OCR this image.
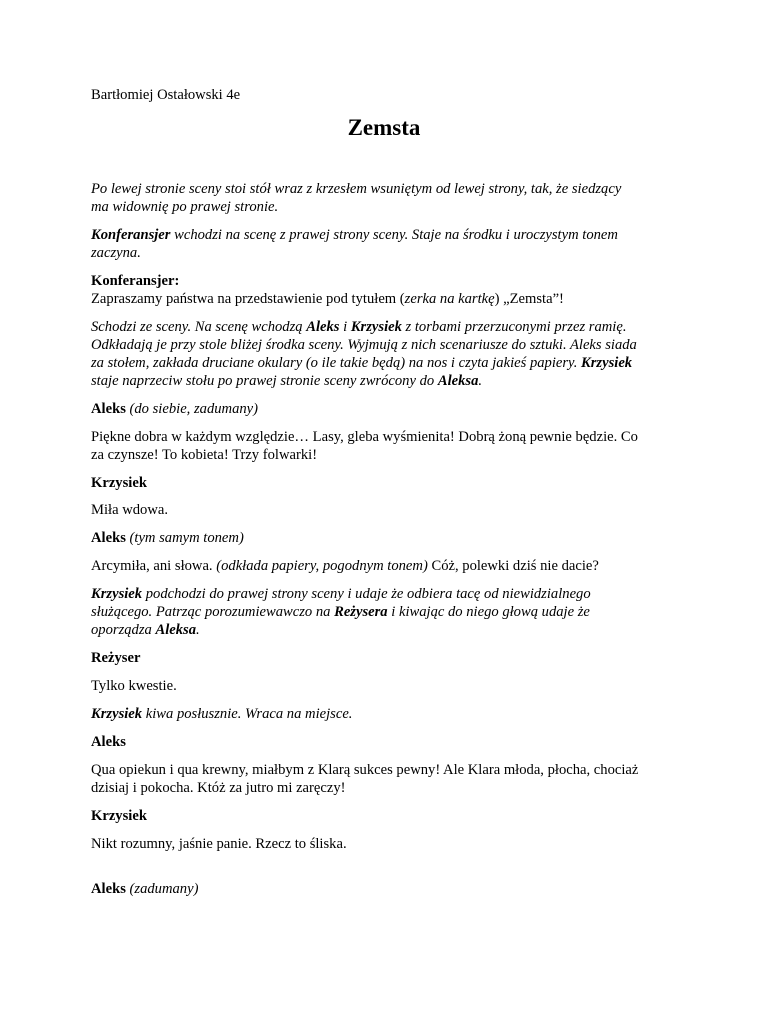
Bartłomiej Ostałowski 4e

Zemsta

Po lewej stronie sceny stoi stół wraz z krzesłem wsuniętym od lewej strony, tak, że siedzący

ma widownię po prawej stronie.

Konferansjer wchodzi na scenę z prawej strony sceny. Staje na środku i uroczystym tonem

zaczyna.

Konferansjer:

Zapraszamy państwa na przedstawienie pod tytułem (zerka na kartkę) „Zemsta”!

Schodzi ze sceny. Na scenę wchodzą Aleks i Krzysiek z torbami przerzuconymi przez ramię.

Odkładają je przy stole bliżej środka sceny. Wyjmują z nich scenariusze do sztuki. Aleks siada

za stołem, zakłada druciane okulary (o ile takie będą) na nos i czyta jakieś papiery. Krzysiek

staje naprzeciw stołu po prawej stronie sceny zwrócony do Aleksa.

Aleks (do siebie, zadumany)

Piękne dobra w każdym względzie… Lasy, gleba wyśmienita! Dobrą żoną pewnie będzie. Co

za czynsze! To kobieta! Trzy folwarki!

Krzysiek

Miła wdowa.

Aleks (tym samym tonem)

Arcymiła, ani słowa. (odkłada papiery, pogodnym tonem) Cóż, polewki dziś nie dacie?

Krzysiek podchodzi do prawej strony sceny i udaje że odbiera tacę od niewidzialnego

służącego. Patrząc porozumiewawczo na Reżysera i kiwając do niego głową udaje że

oporządza Aleksa.

Reżyser

Tylko kwestie.

Krzysiek kiwa posłusznie. Wraca na miejsce.

Aleks

Qua opiekun i qua krewny, miałbym z Klarą sukces pewny! Ale Klara młoda, płocha, chociaż

dzisiaj i pokocha. Któż za jutro mi zaręczy!

Krzysiek

Nikt rozumny, jaśnie panie. Rzecz to śliska.

Aleks (zadumany)
